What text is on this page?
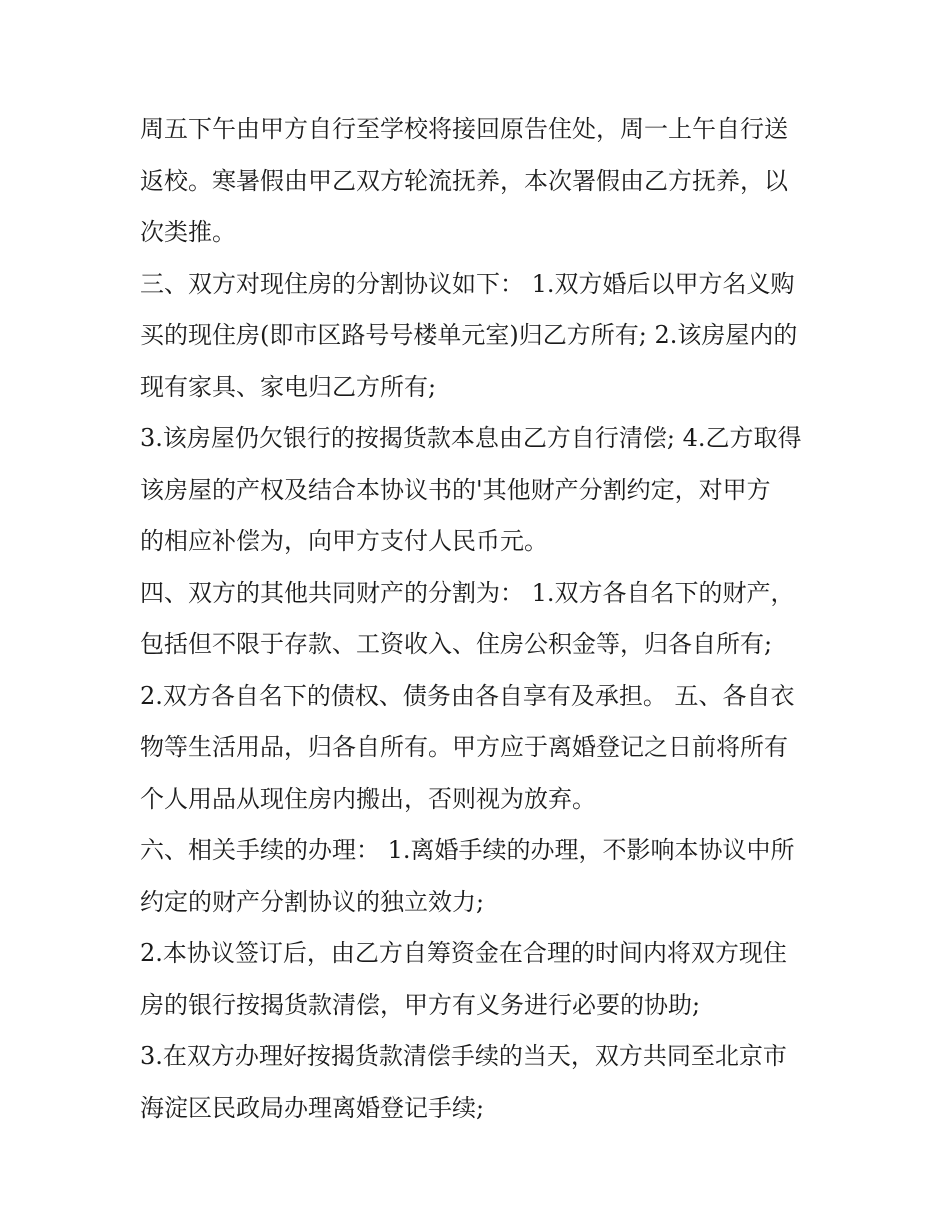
周五下午由甲方自行至学校将接回原告住处，周一上午自行送
返校。寒暑假由甲乙双方轮流抚养，本次署假由乙方抚养，以
次类推。
三、双方对现住房的分割协议如下： 1.双方婚后以甲方名义购
买的现住房(即市区路号号楼单元室)归乙方所有; 2.该房屋内的
现有家具、家电归乙方所有;
3.该房屋仍欠银行的按揭货款本息由乙方自行清偿; 4.乙方取得
该房屋的产权及结合本协议书的'其他财产分割约定，对甲方
的相应补偿为，向甲方支付人民币元。
四、双方的其他共同财产的分割为： 1.双方各自名下的财产，
包括但不限于存款、工资收入、住房公积金等，归各自所有;
2.双方各自名下的债权、债务由各自享有及承担。 五、各自衣
物等生活用品，归各自所有。甲方应于离婚登记之日前将所有
个人用品从现住房内搬出，否则视为放弃。
六、相关手续的办理： 1.离婚手续的办理，不影响本协议中所
约定的财产分割协议的独立效力;
2.本协议签订后，由乙方自筹资金在合理的时间内将双方现住
房的银行按揭货款清偿，甲方有义务进行必要的协助;
3.在双方办理好按揭货款清偿手续的当天，双方共同至北京市
海淀区民政局办理离婚登记手续;
